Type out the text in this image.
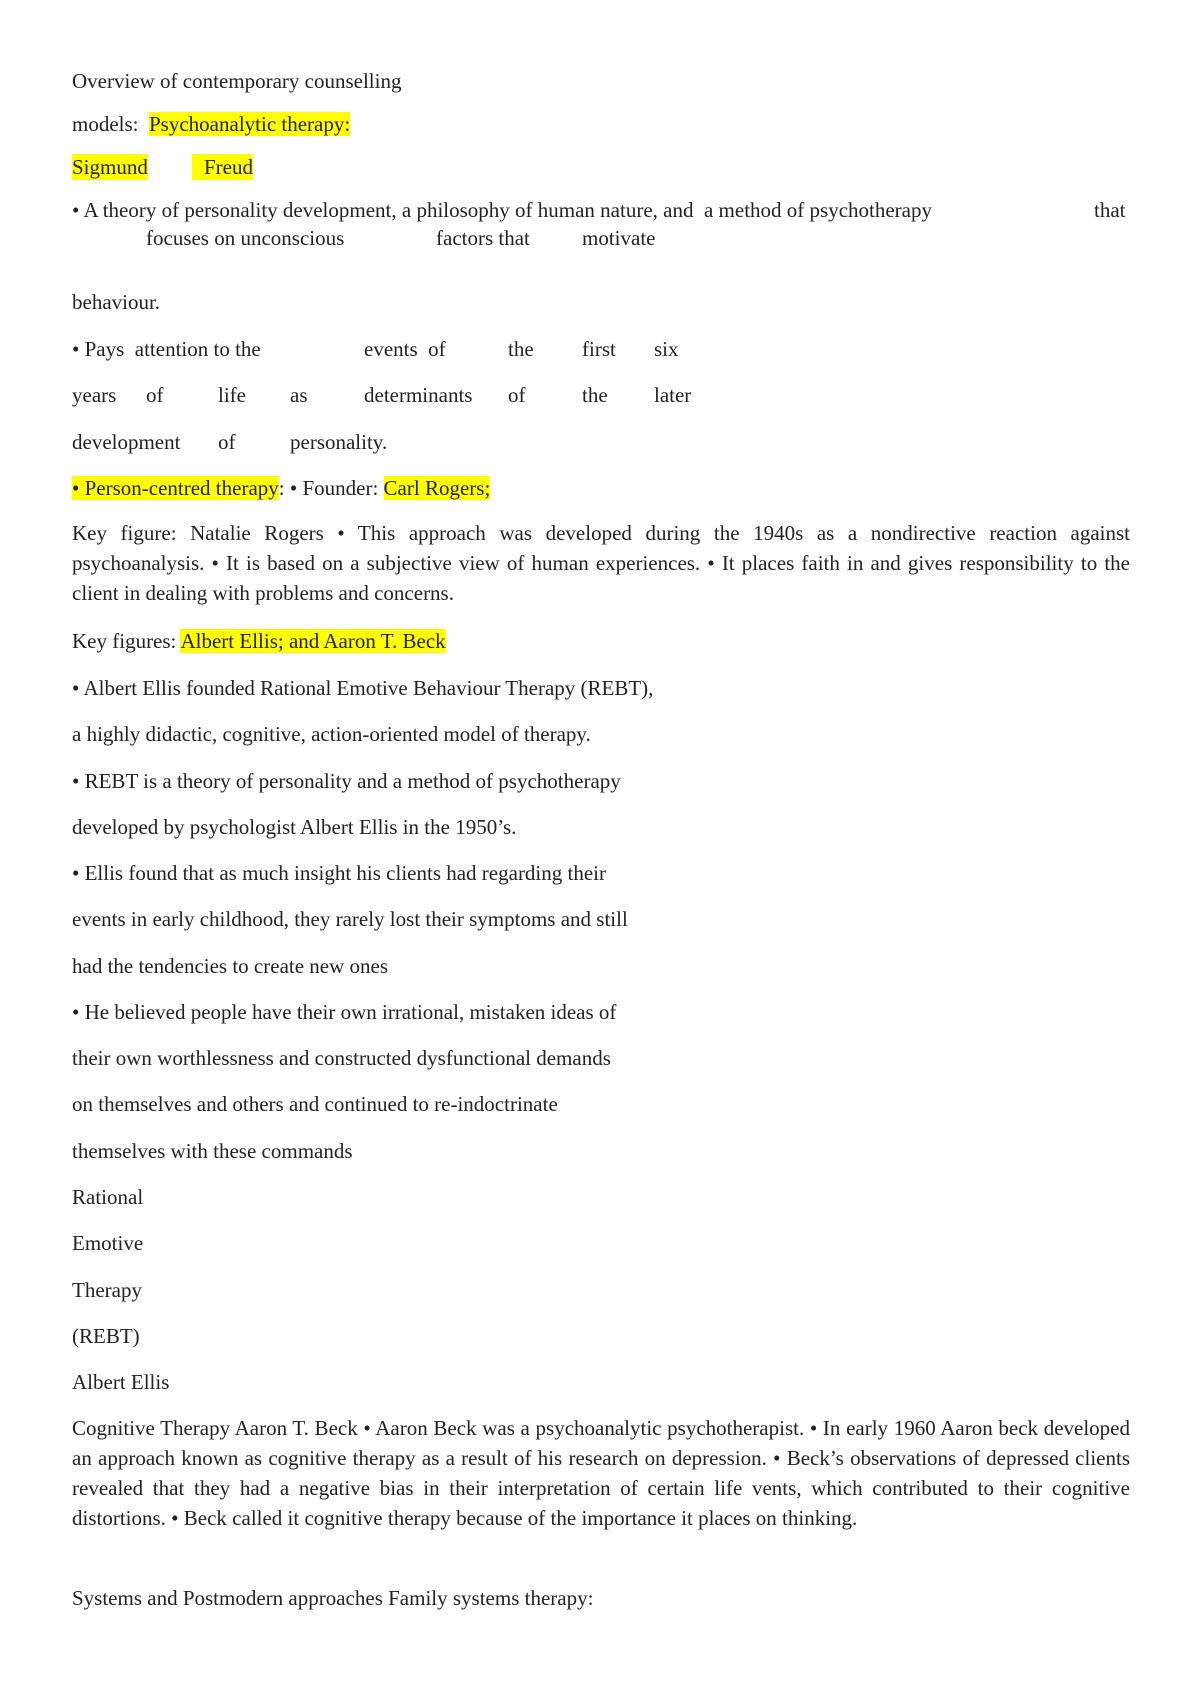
Overview of contemporary counselling
models:  Psychoanalytic therapy:

Sigmund

	Freud

• A theory of personality development, a philosophy of human nature, and  a method of psychotherapy	that
focuses on unconscious	factors that motivate
behaviour.
• Pays  attention to the	events  of	the first six
years of	life as	determinants of	the later
development of	personality.
• Person-centred therapy: • Founder: Carl Rogers;
Key figure: Natalie Rogers • This approach was developed during the 1940s as a nondirective reaction against psychoanalysis. • It is based on a subjective view of human experiences. • It places faith in and gives responsibility to the client in dealing with problems and concerns.
Key figures: Albert Ellis; and Aaron T. Beck
• Albert Ellis founded Rational Emotive Behaviour Therapy (REBT),
a highly didactic, cognitive, action-oriented model of therapy.
• REBT is a theory of personality and a method of psychotherapy
developed by psychologist Albert Ellis in the 1950’s.
• Ellis found that as much insight his clients had regarding their
events in early childhood, they rarely lost their symptoms and still
had the tendencies to create new ones
• He believed people have their own irrational, mistaken ideas of
their own worthlessness and constructed dysfunctional demands
on themselves and others and continued to re-indoctrinate
themselves with these commands
Rational
Emotive
Therapy
(REBT)
Albert Ellis
Cognitive Therapy Aaron T. Beck • Aaron Beck was a psychoanalytic psychotherapist. • In early 1960 Aaron beck developed an approach known as cognitive therapy as a result of his research on depression. • Beck’s observations of depressed clients revealed that they had a negative bias in their interpretation of certain life vents, which contributed to their cognitive distortions. • Beck called it cognitive therapy because of the importance it places on thinking.
Systems and Postmodern approaches Family systems therapy:
